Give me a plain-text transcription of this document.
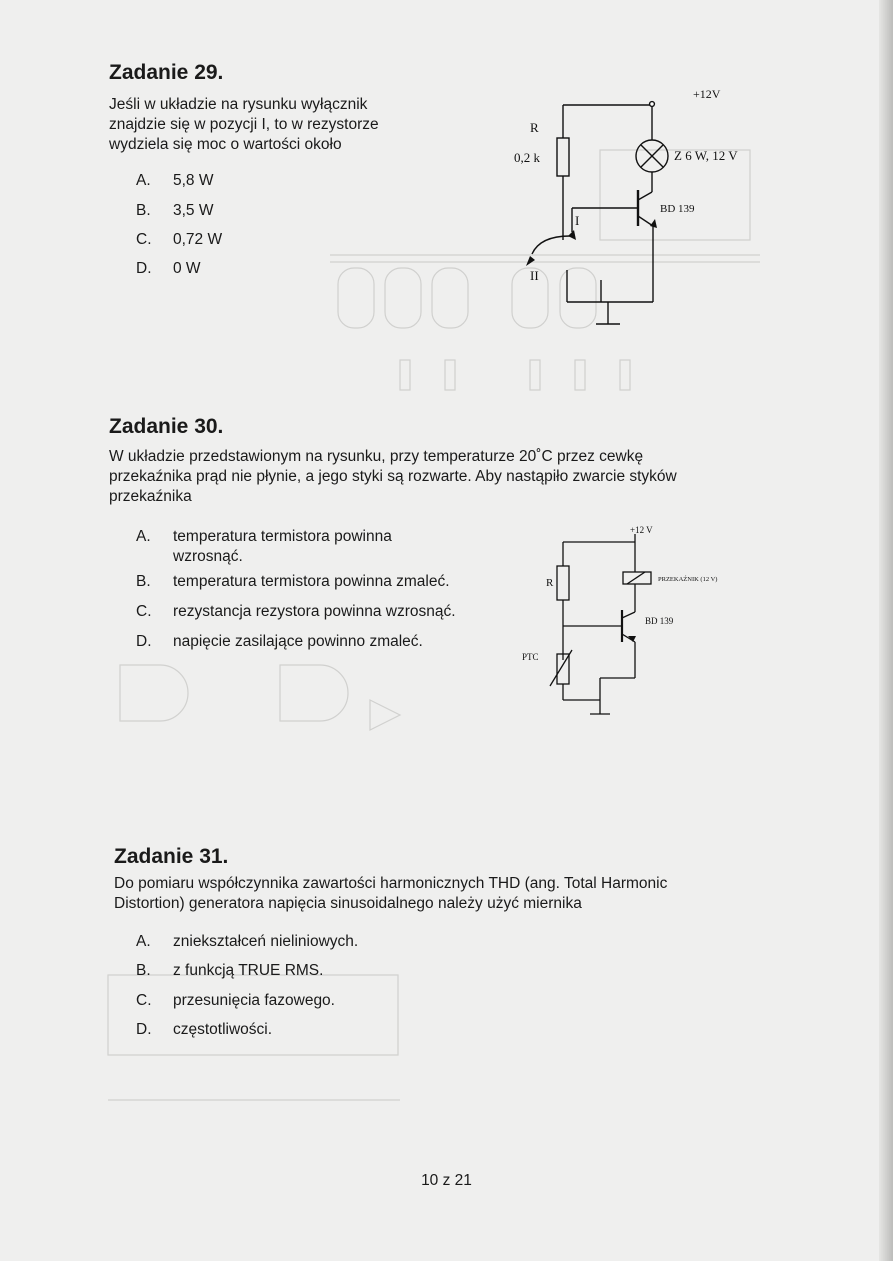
Zadanie 29.

Jeśli w układzie na rysunku wyłącznik
znajdzie się w pozycji I, to w rezystorze
wydziela się moc o wartości około

A. 5,8 W
B. 3,5 W
C. 0,72 W
D. 0 W
+12V
R
0,2 k	Z 6 W, 12 V
BD 139
I
II
Zadanie 30.

W układzie przedstawionym na rysunku, przy temperaturze 20˚C przez cewkę
przekaźnika prąd nie płynie, a jego styki są rozwarte. Aby nastąpiło zwarcie styków
przekaźnika

A. temperatura termistora powinna
wzrosnąć.
B. temperatura termistora powinna zmaleć.
C. rezystancja rezystora powinna wzrosnąć.
D. napięcie zasilające powinno zmaleć.
+12 V
R	PRZEKAŹNIK (12 V)
BD 139
PTC
Zadanie 31.

Do pomiaru współczynnika zawartości harmonicznych THD (ang. Total Harmonic
Distortion) generatora napięcia sinusoidalnego należy użyć miernika

A. zniekształceń nieliniowych.
B. z funkcją TRUE RMS.
C. przesunięcia fazowego.
D. częstotliwości.
10 z 21
